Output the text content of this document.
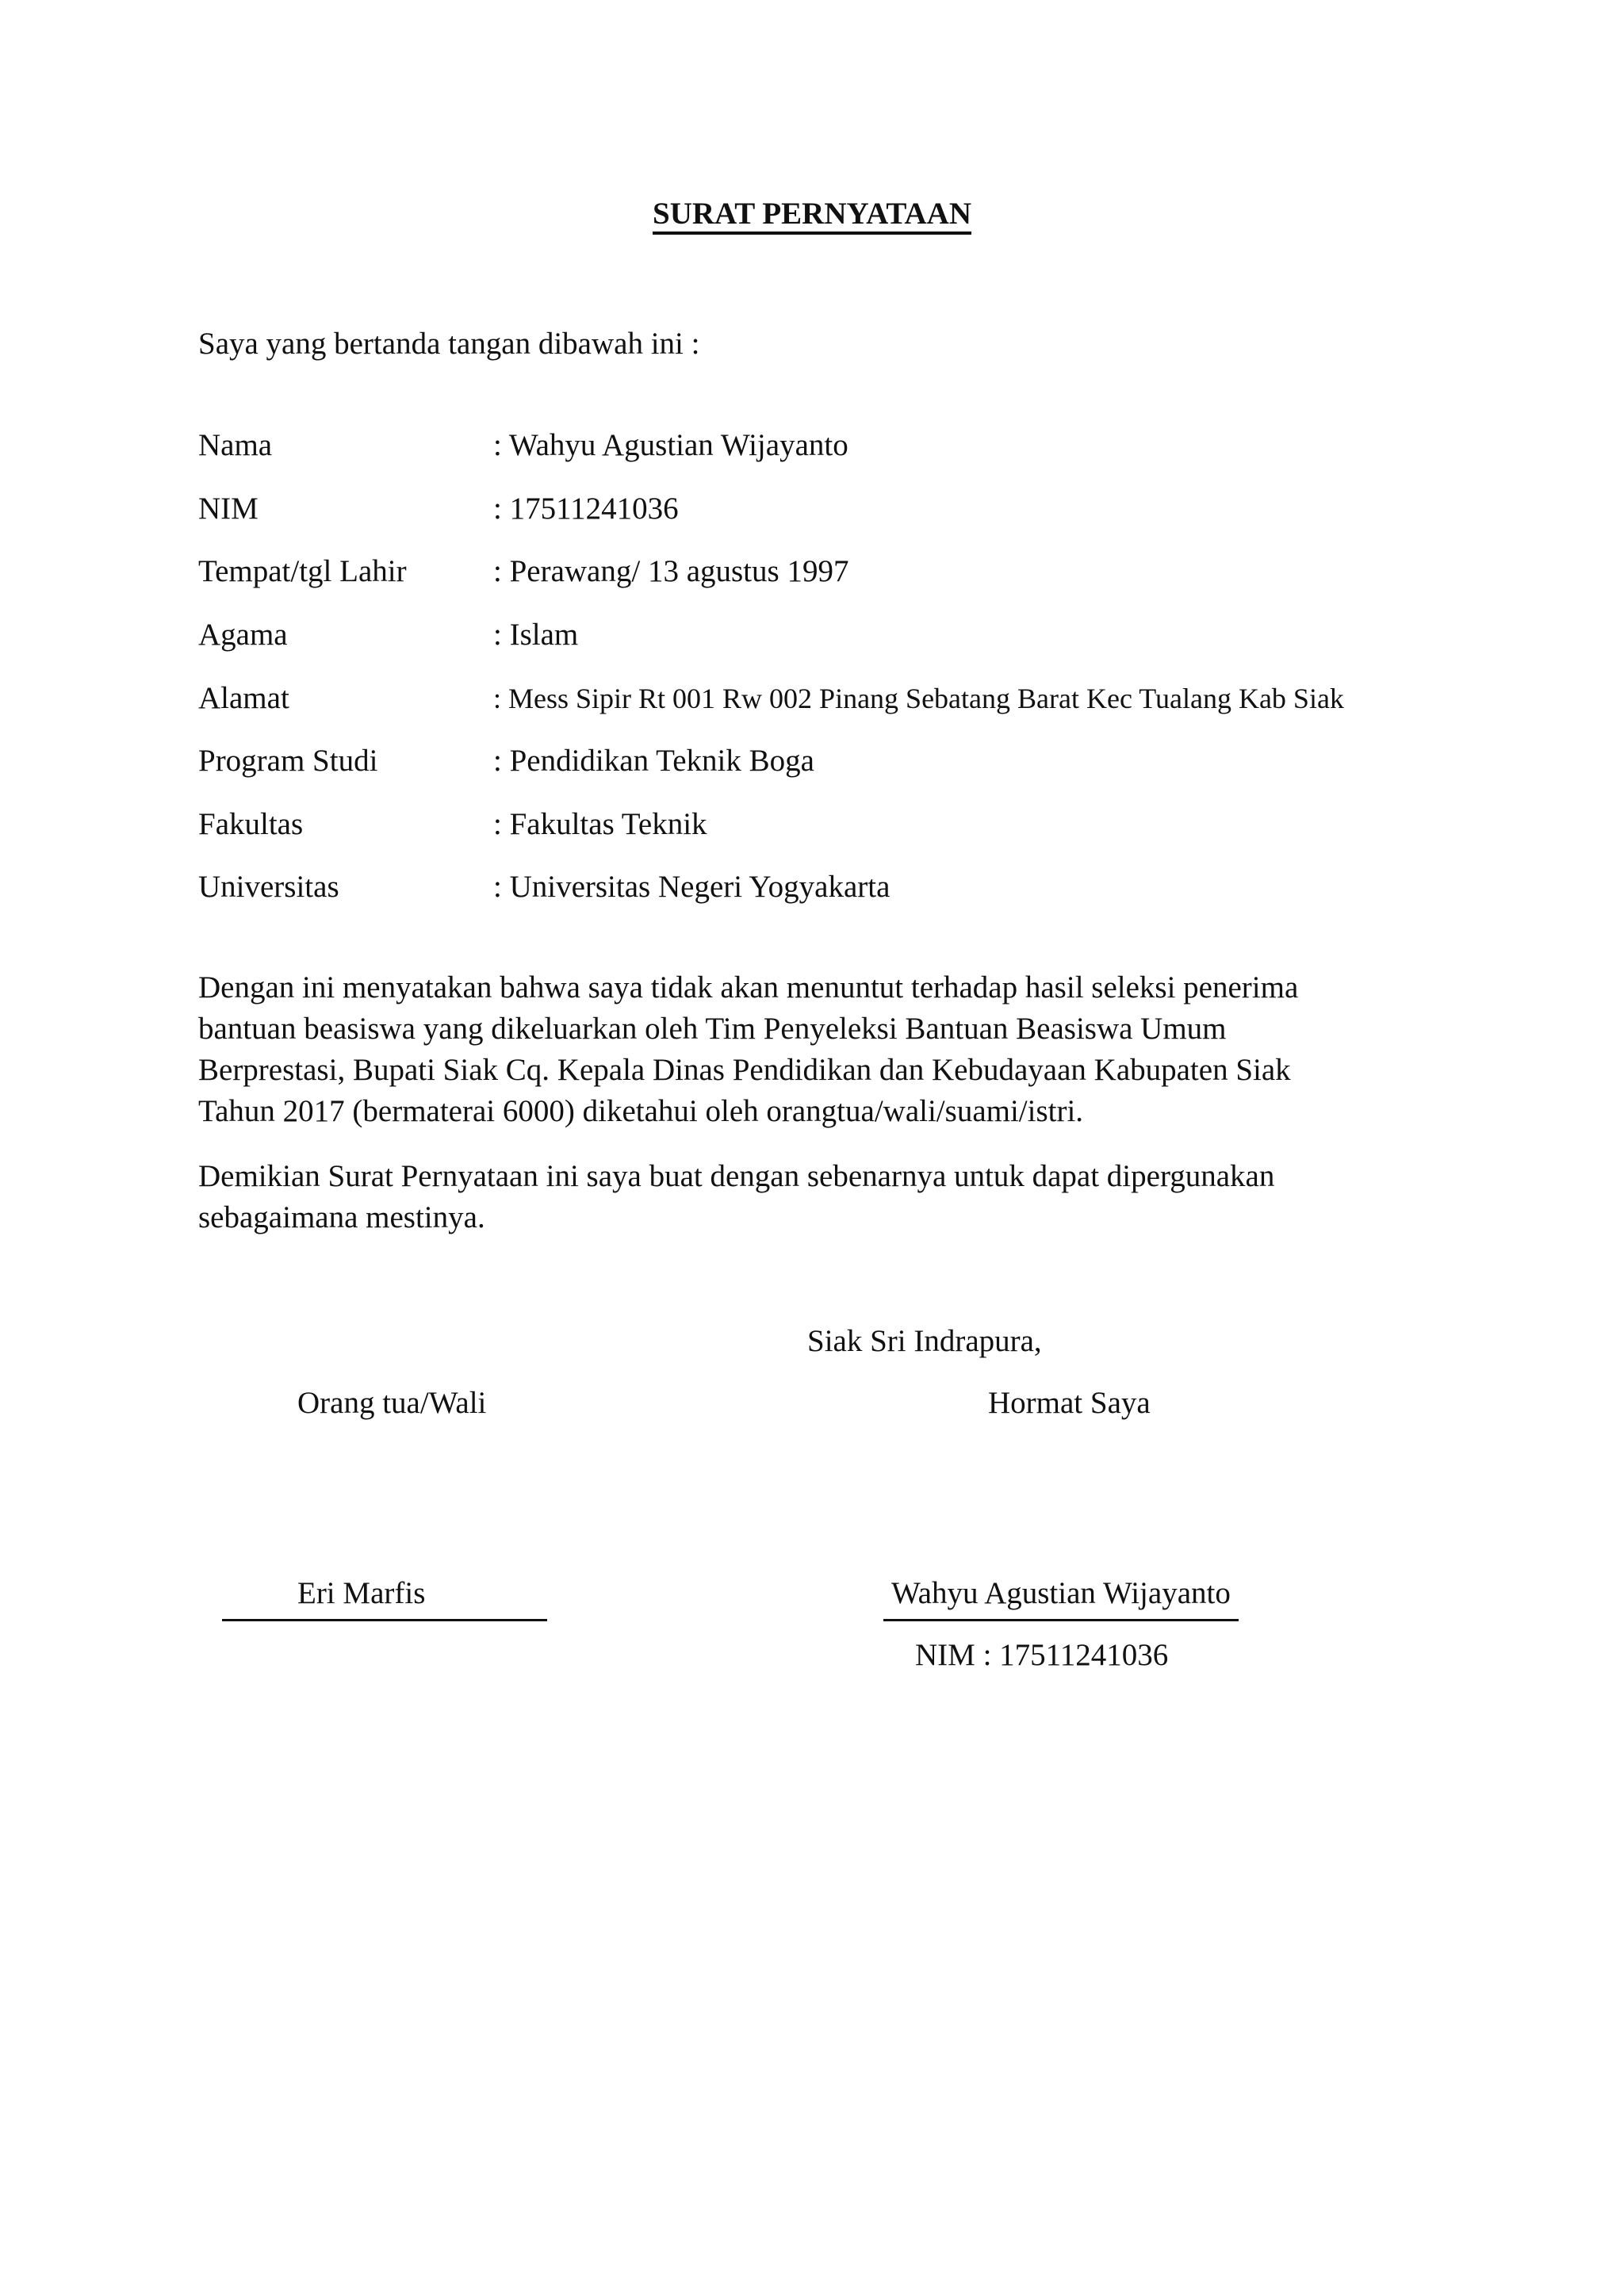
SURAT PERNYATAAN
Saya yang bertanda tangan dibawah ini :
Nama
NIM
Tempat/tgl Lahir
Agama
Alamat
Program Studi
Fakultas
Universitas
: Wahyu Agustian Wijayanto
: 17511241036
: Perawang/ 13 agustus 1997
: Islam
: Mess Sipir Rt 001 Rw 002 Pinang Sebatang Barat Kec Tualang Kab Siak
: Pendidikan Teknik Boga
: Fakultas Teknik
: Universitas Negeri Yogyakarta
Dengan ini menyatakan bahwa saya tidak akan menuntut terhadap hasil seleksi penerima
bantuan beasiswa yang dikeluarkan oleh Tim Penyeleksi Bantuan Beasiswa Umum
Berprestasi, Bupati Siak Cq. Kepala Dinas Pendidikan dan Kebudayaan Kabupaten Siak
Tahun 2017 (bermaterai 6000) diketahui oleh orangtua/wali/suami/istri.
Demikian Surat Pernyataan ini saya buat dengan sebenarnya untuk dapat dipergunakan
sebagaimana mestinya.
Siak Sri Indrapura,
Orang tua/Wali	Hormat Saya
Eri Marfis	Wahyu Agustian Wijayanto
NIM : 17511241036
